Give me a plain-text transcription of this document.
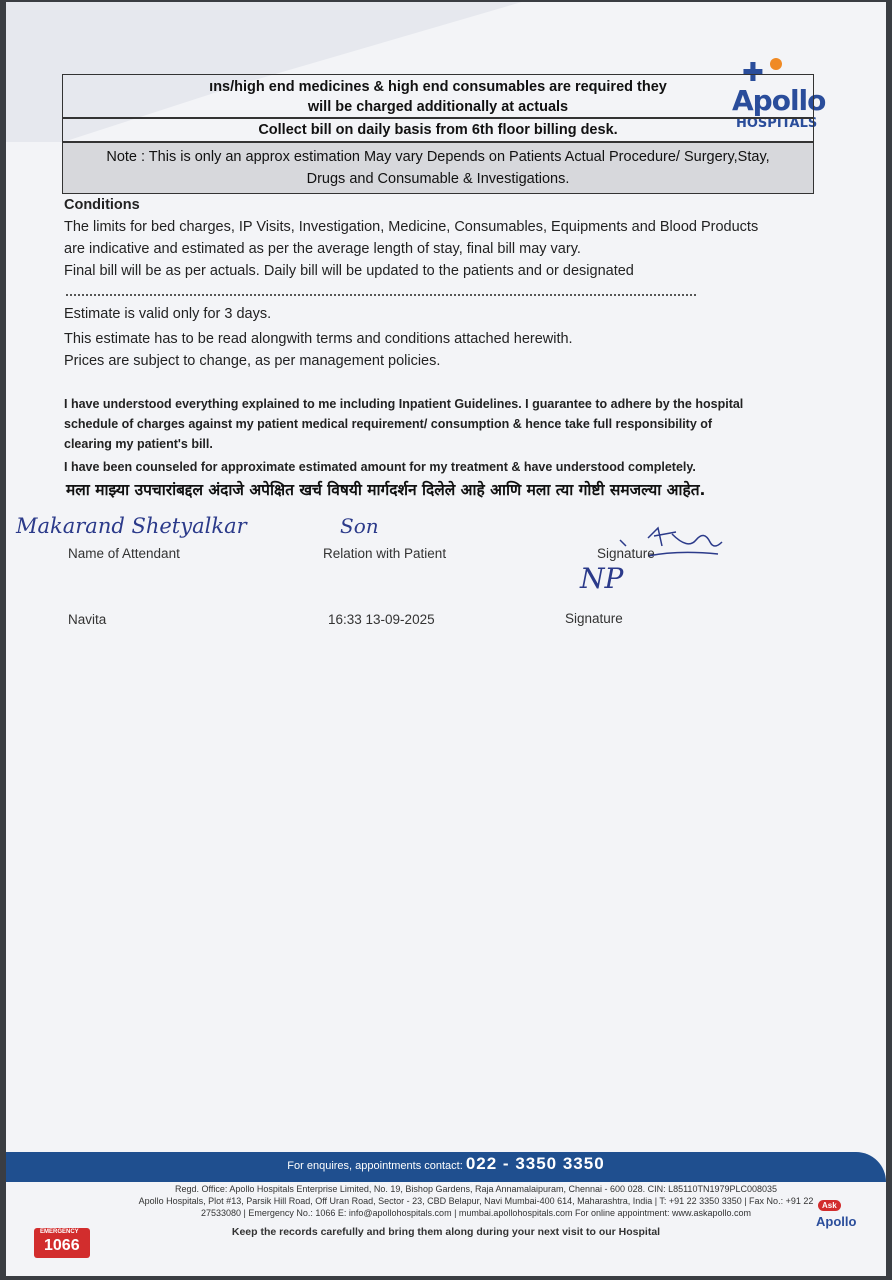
✚
Apollo
HOSPITALS
ıns/high end medicines & high end consumables are required they
will be charged additionally at actuals
Collect bill on daily basis from 6th floor billing desk.
Note : This is only an approx estimation May vary Depends on Patients Actual Procedure/ Surgery,Stay,
Drugs and Consumable & Investigations.
Conditions
The limits for bed charges, IP Visits, Investigation, Medicine, Consumables, Equipments and Blood Products
are indicative and estimated as per the average length of stay, final bill may vary.
Final bill will be as per actuals. Daily bill will be updated to the patients and or designated
Estimate is valid only for 3 days.
This estimate has to be read alongwith terms and conditions attached herewith.
Prices are subject to change, as per management policies.
I have understood everything explained to me including Inpatient Guidelines. I guarantee to adhere by the hospital
schedule of charges against my patient medical requirement/ consumption & hence take full responsibility of
clearing my patient's bill.
I have been counseled for approximate estimated amount for my treatment & have understood completely.
मला माझ्या उपचारांबद्दल अंदाजे अपेक्षित खर्च विषयी मार्गदर्शन दिलेले आहे आणि मला त्या गोष्टी समजल्या आहेत.
Makarand Shetyalkar	Son
Name of Attendant	Relation with Patient	Signature
NP
Navita	16:33 13-09-2025	Signature
For enquires, appointments contact: 022 - 3350 3350
Regd. Office: Apollo Hospitals Enterprise Limited, No. 19, Bishop Gardens, Raja Annamalaipuram, Chennai - 600 028. CIN: L85110TN1979PLC008035
Apollo Hospitals, Plot #13, Parsik Hill Road, Off Uran Road, Sector - 23, CBD Belapur, Navi Mumbai-400 614, Maharashtra, India | T: +91 22 3350 3350 | Fax No.: +91 22
27533080 | Emergency No.: 1066 E: info@apollohospitals.com | mumbai.apollohospitals.com For online appointment: www.askapollo.com
Keep the records carefully and bring them along during your next visit to our Hospital
EMERGENCY
1066
Ask
Apollo
